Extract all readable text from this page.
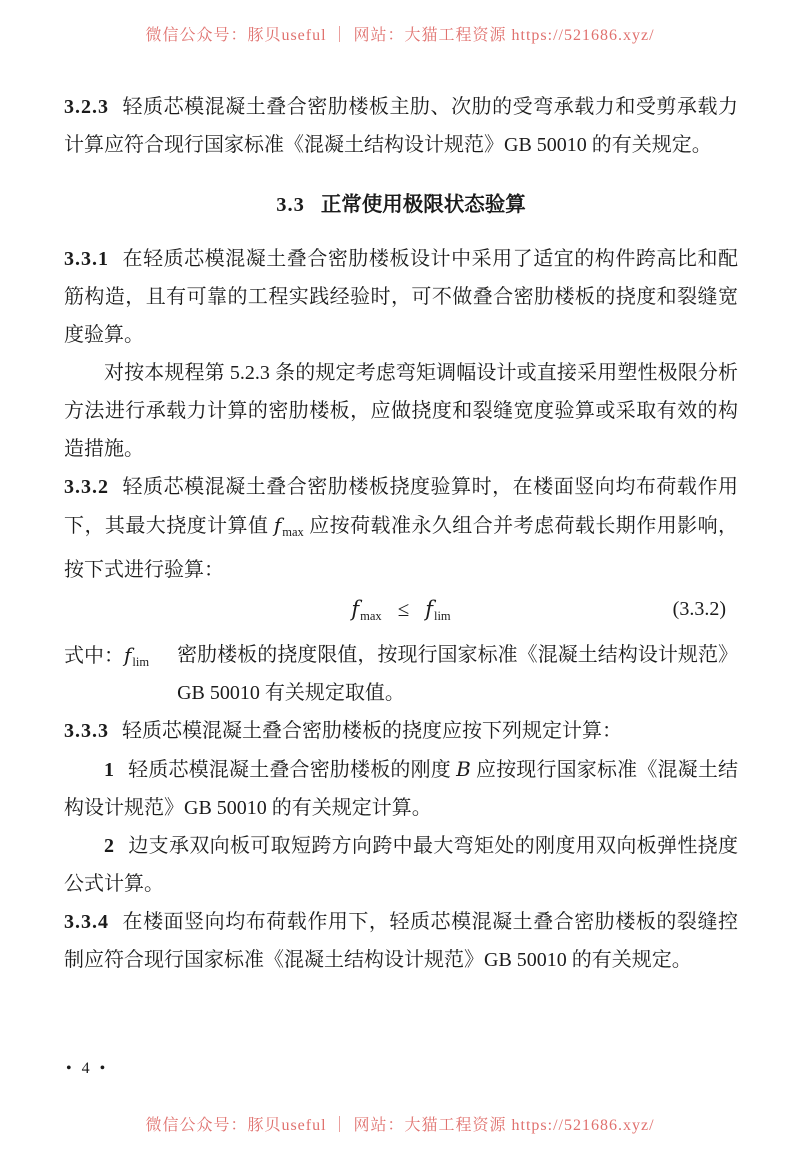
微信公众号：豚贝useful ｜ 网站：大猫工程资源 https://521686.xyz/

3.2.3 轻质芯模混凝土叠合密肋楼板主肋、次肋的受弯承载力和受剪承载力计算应符合现行国家标准《混凝土结构设计规范》GB 50010 的有关规定。

3.3 正常使用极限状态验算

3.3.1 在轻质芯模混凝土叠合密肋楼板设计中采用了适宜的构件跨高比和配筋构造，且有可靠的工程实践经验时，可不做叠合密肋楼板的挠度和裂缝宽度验算。

对按本规程第 5.2.3 条的规定考虑弯矩调幅设计或直接采用塑性极限分析方法进行承载力计算的密肋楼板，应做挠度和裂缝宽度验算或采取有效的构造措施。

3.3.2 轻质芯模混凝土叠合密肋楼板挠度验算时，在楼面竖向均布荷载作用下，其最大挠度计算值 $f_{max}$ 应按荷载准永久组合并考虑荷载长期作用影响，按下式进行验算：

$f_{max} \le f_{lim}$	(3.3.2)
式中：$f_{lim}$ 密肋楼板的挠度限值，按现行国家标准《混凝土结构设计规范》GB 50010 有关规定取值。

3.3.3 轻质芯模混凝土叠合密肋楼板的挠度应按下列规定计算：

1 轻质芯模混凝土叠合密肋楼板的刚度 B 应按现行国家标准《混凝土结构设计规范》GB 50010 的有关规定计算。

2 边支承双向板可取短跨方向跨中最大弯矩处的刚度用双向板弹性挠度公式计算。

3.3.4 在楼面竖向均布荷载作用下，轻质芯模混凝土叠合密肋楼板的裂缝控制应符合现行国家标准《混凝土结构设计规范》GB 50010 的有关规定。

• 4 •
微信公众号：豚贝useful ｜ 网站：大猫工程资源 https://521686.xyz/
